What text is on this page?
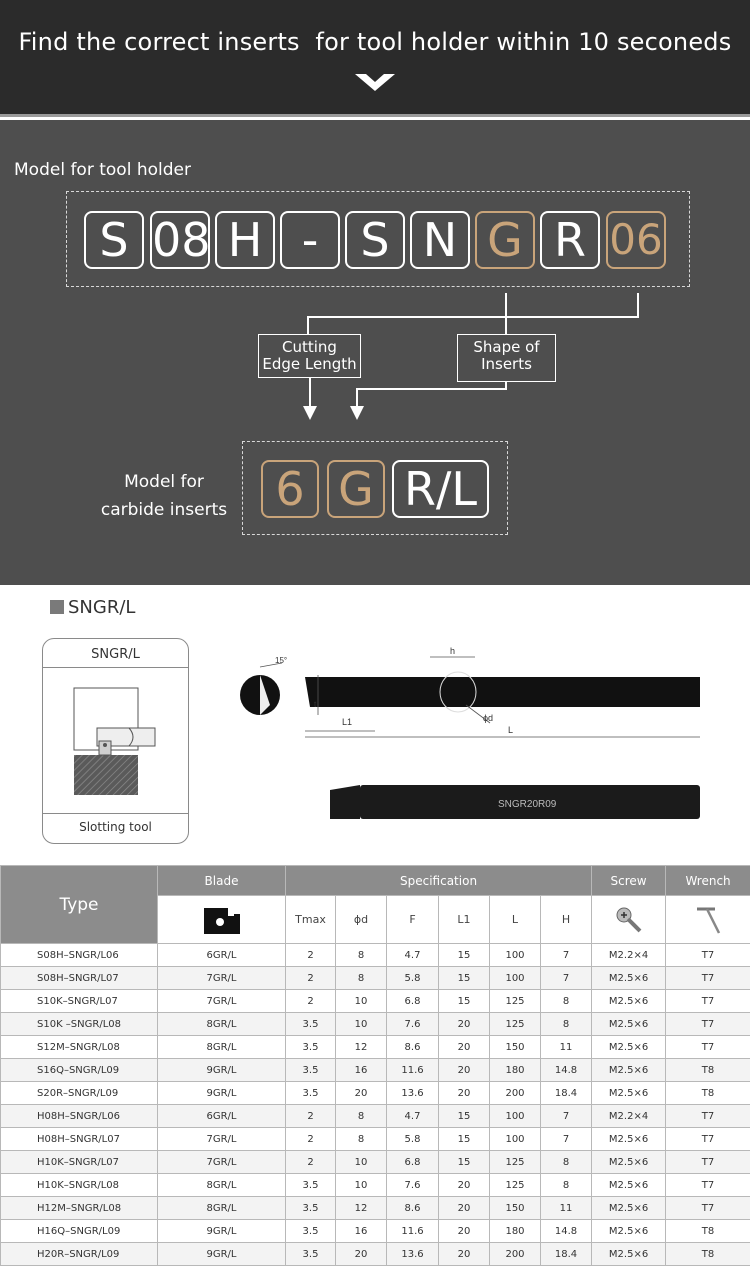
Find the correct inserts  for tool holder within 10 seconeds
Model for tool holder
S 08 H - S N G R 06
Cutting
Edge Length
Shape of
Inserts
Model for
carbide inserts	6 G R/L
SNGR/L
SNGR/L
Slotting tool
15°
h
ϕd
L1
L
t
SNGR20R09
Type	Blade	Specification						Screw	Wrench
	Tmax	ϕd	F	L1	L	H		
S08H–SNGR/L06	6GR/L	2	8	4.7	15	100	7	M2.2×4	T7
S08H–SNGR/L07	7GR/L	2	8	5.8	15	100	7	M2.5×6	T7
S10K–SNGR/L07	7GR/L	2	10	6.8	15	125	8	M2.5×6	T7
S10K –SNGR/L08	8GR/L	3.5	10	7.6	20	125	8	M2.5×6	T7
S12M–SNGR/L08	8GR/L	3.5	12	8.6	20	150	11	M2.5×6	T7
S16Q–SNGR/L09	9GR/L	3.5	16	11.6	20	180	14.8	M2.5×6	T8
S20R–SNGR/L09	9GR/L	3.5	20	13.6	20	200	18.4	M2.5×6	T8
H08H–SNGR/L06	6GR/L	2	8	4.7	15	100	7	M2.2×4	T7
H08H–SNGR/L07	7GR/L	2	8	5.8	15	100	7	M2.5×6	T7
H10K–SNGR/L07	7GR/L	2	10	6.8	15	125	8	M2.5×6	T7
H10K–SNGR/L08	8GR/L	3.5	10	7.6	20	125	8	M2.5×6	T7
H12M–SNGR/L08	8GR/L	3.5	12	8.6	20	150	11	M2.5×6	T7
H16Q–SNGR/L09	9GR/L	3.5	16	11.6	20	180	14.8	M2.5×6	T8
H20R–SNGR/L09	9GR/L	3.5	20	13.6	20	200	18.4	M2.5×6	T8
